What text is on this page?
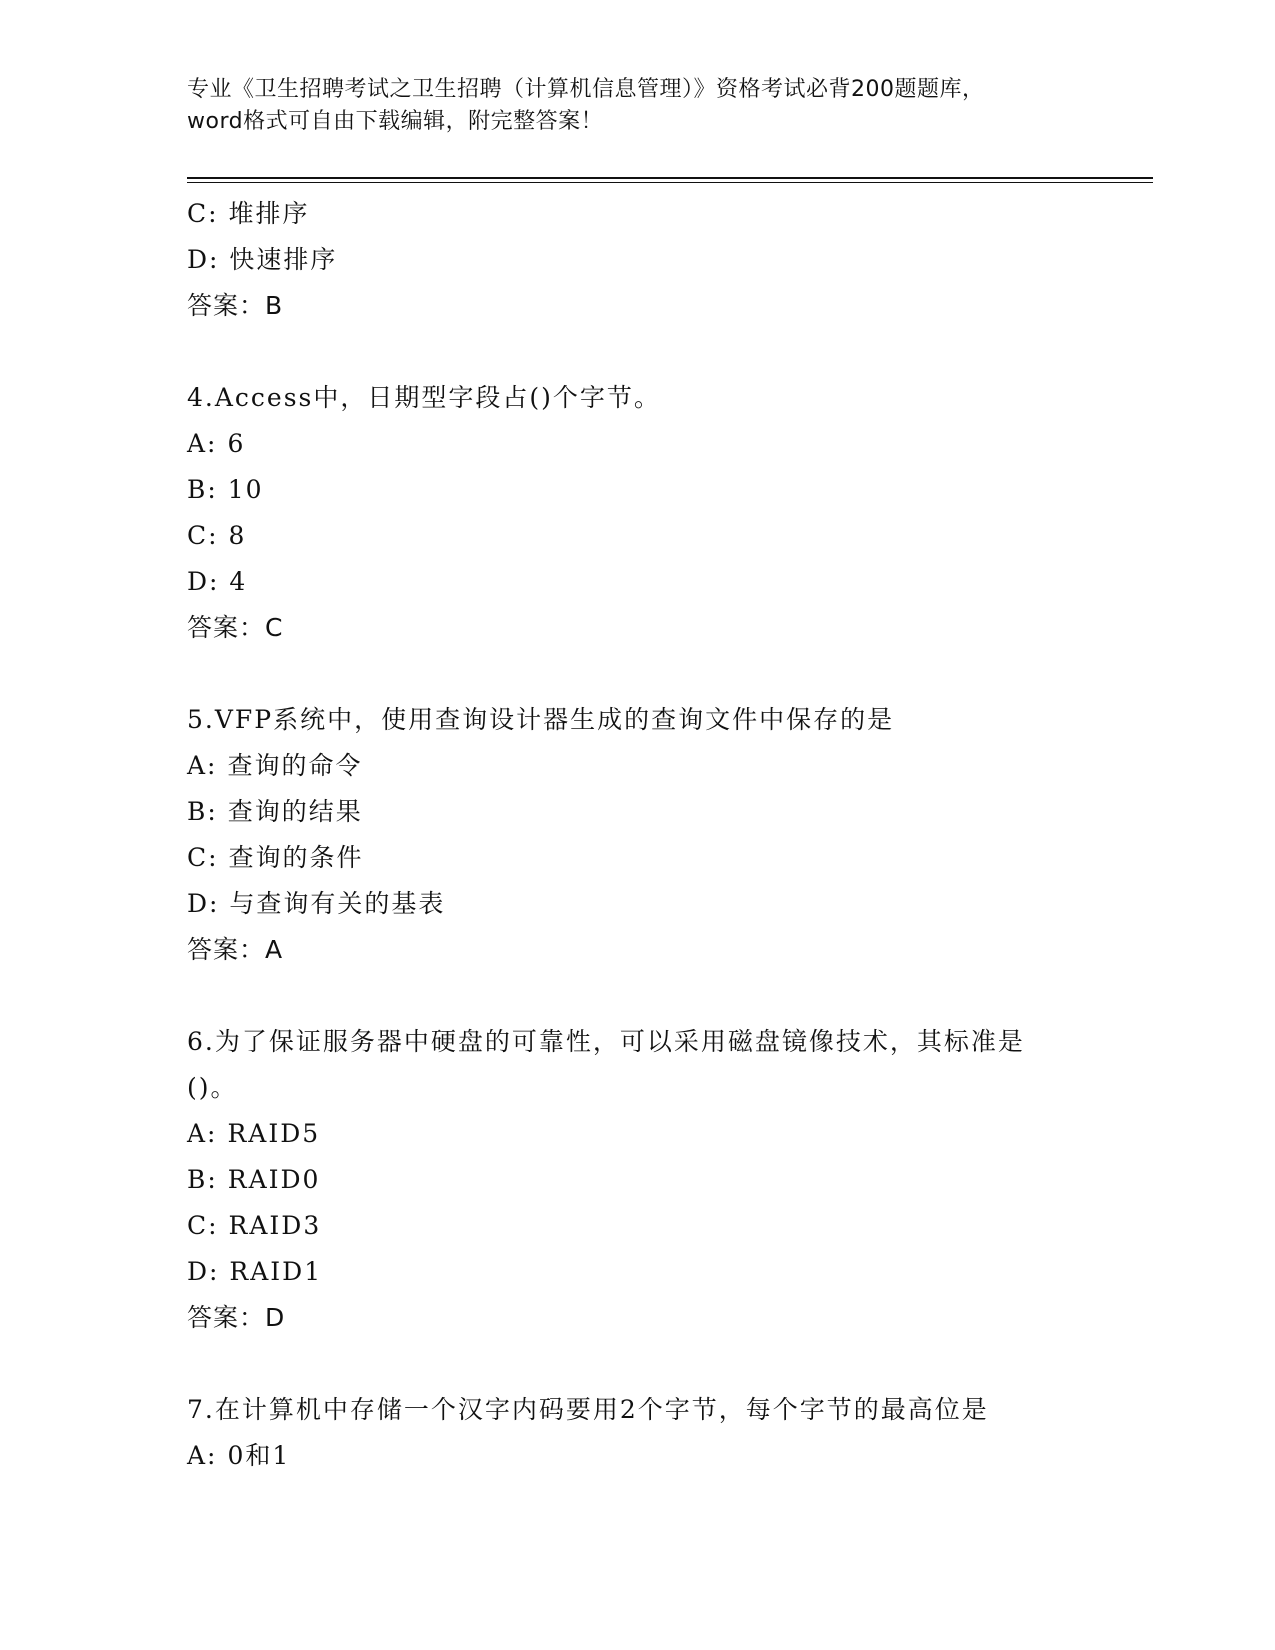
专业《卫生招聘考试之卫生招聘（计算机信息管理）》资格考试必背200题题库，
word格式可自由下载编辑，附完整答案！
C: 堆排序
D: 快速排序
答案：B
4.Access中，日期型字段占()个字节。
A: 6
B: 10
C: 8
D: 4
答案：C
5.VFP系统中，使用查询设计器生成的查询文件中保存的是
A: 查询的命令
B: 查询的结果
C: 查询的条件
D: 与查询有关的基表
答案：A
6.为了保证服务器中硬盘的可靠性，可以采用磁盘镜像技术，其标准是()。
A: RAID5
B: RAID0
C: RAID3
D: RAID1
答案：D
7.在计算机中存储一个汉字内码要用2个字节，每个字节的最高位是
A: 0和1
